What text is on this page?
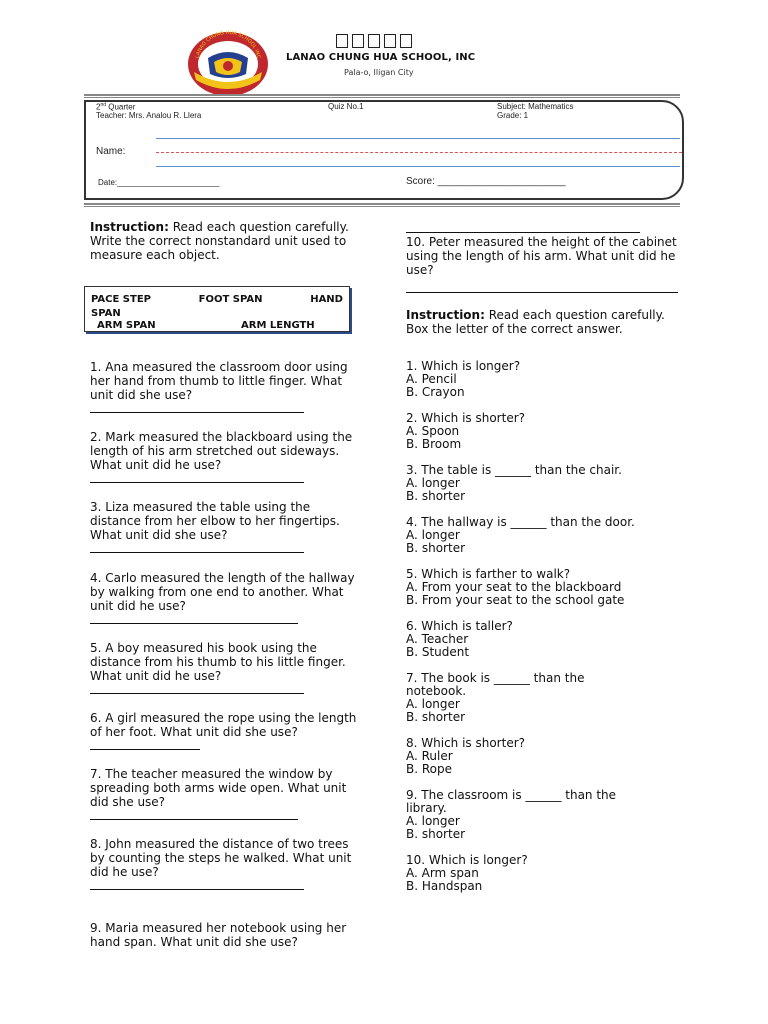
LANAO CHUNG HUA SCHOOL INC LANAO CHUNG HUA SCHOOL, INC
Pala-o, Iligan City
2nd Quarter
Teacher: Mrs. Analou R. Llera
Quiz No.1	Subject: Mathematics
Grade: 1
Name:
Date:_______________________	Score: _______________________
Instruction: Read each question carefully. Write the correct nonstandard unit used to measure each object.
PACE STEP	FOOT SPAN	HAND
SPAN
ARM SPAN	ARM LENGTH
1. Ana measured the classroom door using her hand from thumb to little finger. What unit did she use?
2. Mark measured the blackboard using the length of his arm stretched out sideways. What unit did he use?
3. Liza measured the table using the distance from her elbow to her fingertips. What unit did she use?
4. Carlo measured the length of the hallway by walking from one end to another. What unit did he use?
5. A boy measured his book using the distance from his thumb to his little finger. What unit did he use?
6. A girl measured the rope using the length of her foot. What unit did she use?
7. The teacher measured the window by spreading both arms wide open. What unit did she use?
8. John measured the distance of two trees by counting the steps he walked. What unit did he use?
9. Maria measured her notebook using her hand span. What unit did she use?
10. Peter measured the height of the cabinet using the length of his arm. What unit did he use?
Instruction: Read each question carefully. Box the letter of the correct answer.
1. Which is longer?
A. Pencil
B. Crayon
2. Which is shorter?
A. Spoon
B. Broom
3. The table is ______ than the chair.
A. longer
B. shorter
4. The hallway is ______ than the door.
A. longer
B. shorter
5. Which is farther to walk?
A. From your seat to the blackboard
B. From your seat to the school gate
6. Which is taller?
A. Teacher
B. Student
7. The book is ______ than the notebook.
A. longer
B. shorter
8. Which is shorter?
A. Ruler
B. Rope
9. The classroom is ______ than the library.
A. longer
B. shorter
10. Which is longer?
A. Arm span
B. Handspan
